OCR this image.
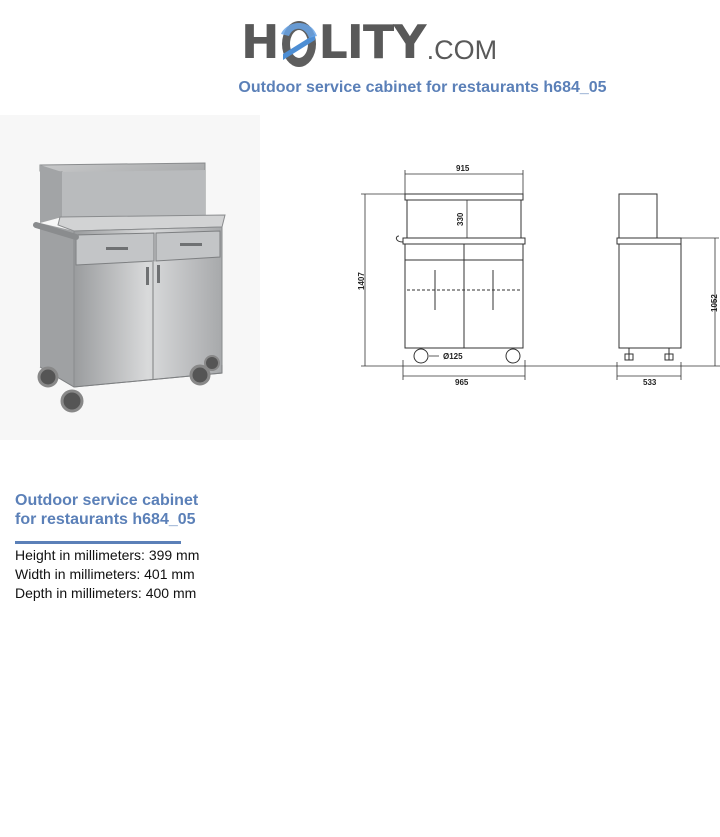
H LITY .COM
Outdoor service cabinet for restaurants h684_05
915
330
1407
Ø125
965	533
1052
Outdoor service cabinet
for restaurants h684_05
Height in millimeters: 399 mm
Width in millimeters: 401 mm
Depth in millimeters: 400 mm
